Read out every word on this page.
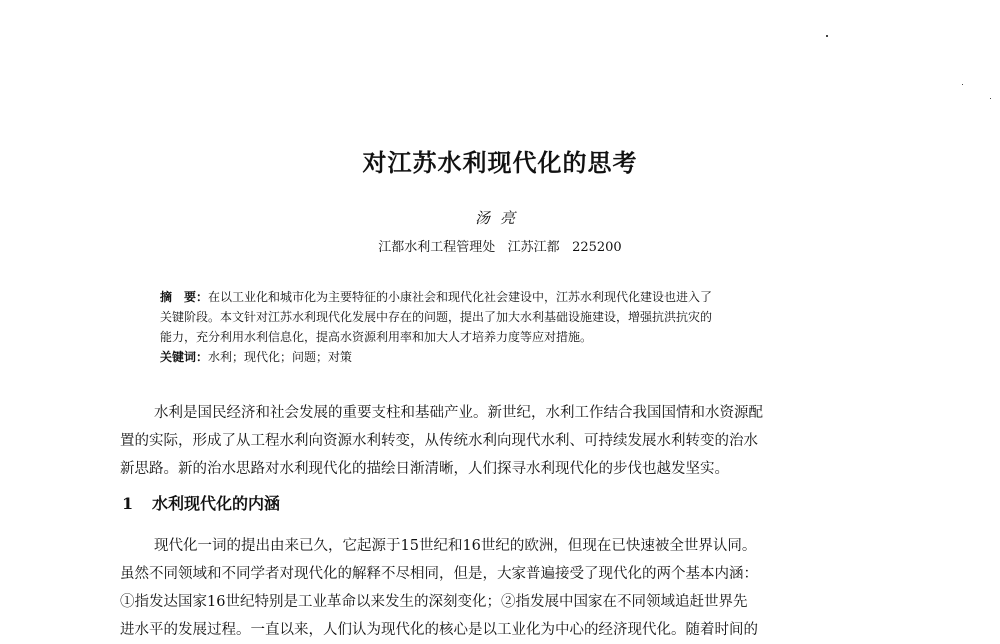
对江苏水利现代化的思考
汤亮
江都水利工程管理处   江苏江都   225200
摘　要：在以工业化和城市化为主要特征的小康社会和现代化社会建设中，江苏水利现代化建设也进入了
关键阶段。本文针对江苏水利现代化发展中存在的问题，提出了加大水利基础设施建设，增强抗洪抗灾的
能力，充分利用水利信息化，提高水资源利用率和加大人才培养力度等应对措施。
关键词：水利；现代化；问题；对策
水利是国民经济和社会发展的重要支柱和基础产业。新世纪，水利工作结合我国国情和水资源配
置的实际，形成了从工程水利向资源水利转变，从传统水利向现代水利、可持续发展水利转变的治水
新思路。新的治水思路对水利现代化的描绘日渐清晰，人们探寻水利现代化的步伐也越发坚实。
1 水利现代化的内涵
现代化一词的提出由来已久，它起源于15世纪和16世纪的欧洲，但现在已快速被全世界认同。
虽然不同领域和不同学者对现代化的解释不尽相同，但是，大家普遍接受了现代化的两个基本内涵：
①指发达国家16世纪特别是工业革命以来发生的深刻变化；②指发展中国家在不同领域追赶世界先
进水平的发展过程。一直以来，人们认为现代化的核心是以工业化为中心的经济现代化。随着时间的
